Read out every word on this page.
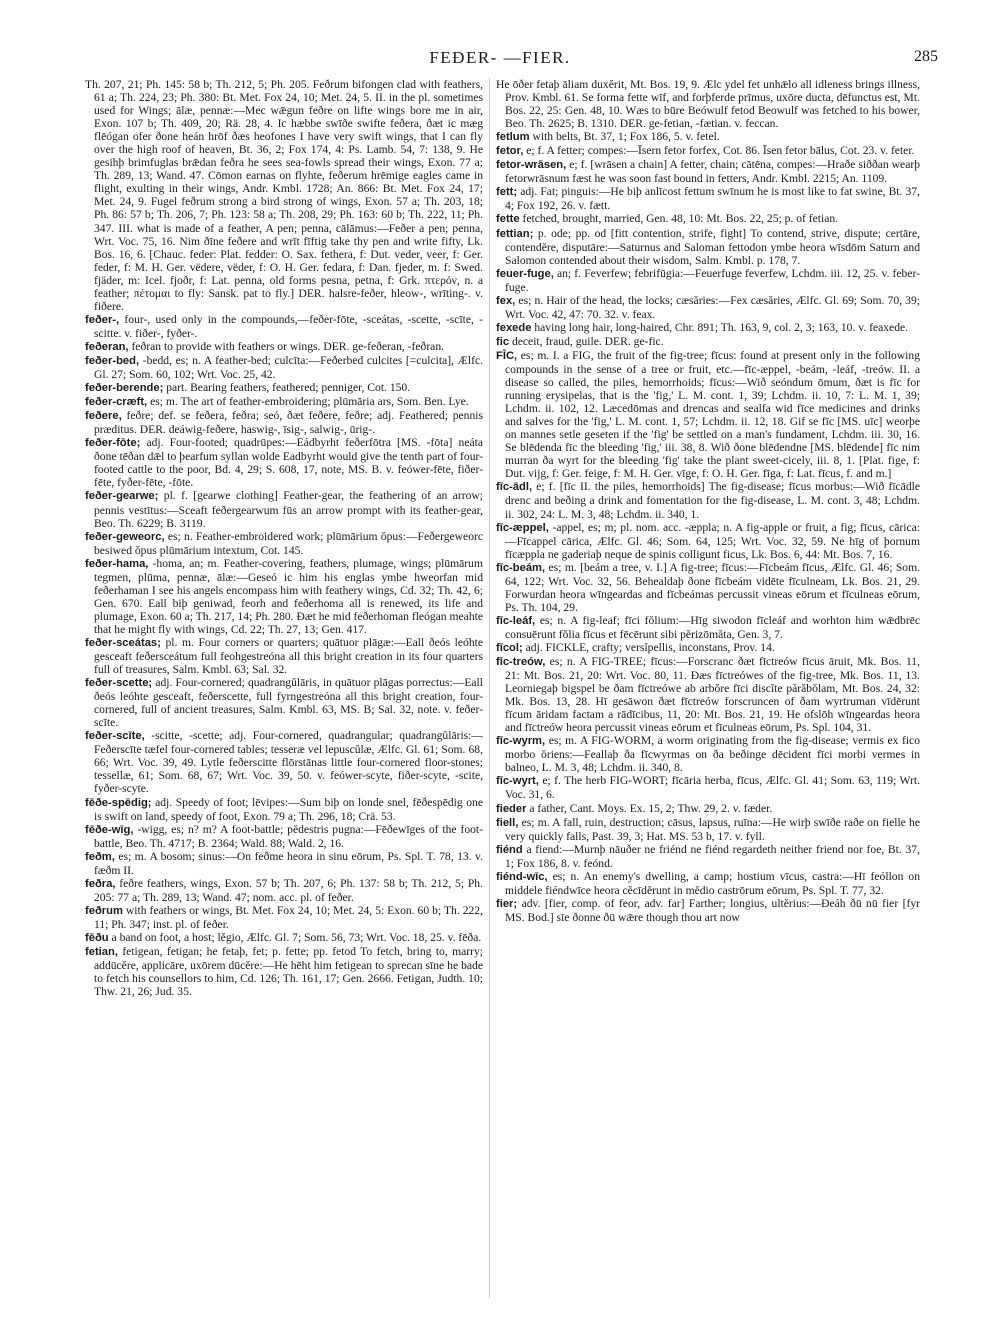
FEÐER- —FIER.	285

Th. 207, 21; Ph. 145: 58 b; Th. 212, 5; Ph. 205. Feðrum bifongen clad with feathers, 61 a; Th. 224, 23; Ph. 380: Bt. Met. Fox 24, 10; Met. 24, 5. II. in the pl. sometimes used for Wings; ālæ, pennæ:—Mec wǣgun feðre on lifte wings bore me in air, Exon. 107 b; Th. 409, 20; Rä. 28, 4. Ic hæbbe swīðe swifte feðera, ðæt ic mæg flēógan ofer ðone heán hrōf ðæs heofones I have very swift wings, that I can fly over the high roof of heaven, Bt. 36, 2; Fox 174, 4: Ps. Lamb. 54, 7: 138, 9. He gesihþ brimfuglas brǣdan feðra he sees sea-fowls spread their wings, Exon. 77 a; Th. 289, 13; Wand. 47. Cōmon earnas on flyhte, feðerum hrēmige eagles came in flight, exulting in their wings, Andr. Kmbl. 1728; An. 866: Bt. Met. Fox 24, 17; Met. 24, 9. Fugel feðrum strong a bird strong of wings, Exon. 57 a; Th. 203, 18; Ph. 86: 57 b; Th. 206, 7; Ph. 123: 58 a; Th. 208, 29; Ph. 163: 60 b; Th. 222, 11; Ph. 347. III. what is made of a feather, A pen; penna, cālāmus:—Feðer a pen; penna, Wrt. Voc. 75, 16. Nim ðīne feðere and wrīt fīftig take thy pen and write fifty, Lk. Bos. 16, 6. [Chauc. feder: Plat. fedder: O. Sax. fethera, f: Dut. veder, veer, f: Ger. feder, f: M. H. Ger. vëdere, vëder, f: O. H. Ger. fedara, f: Dan. fjeder, m. f: Swed. fjäder, m: Icel. fjoðr, f: Lat. penna, old forms pesna, petna, f: Grk. πτερόν, n. a feather; πέτομαι to fly: Sansk. pat to fly.] DER. halsre-feðer, hleow-, wrīting-. v. fiðere.

feðer-, four-, used only in the compounds,—feðer-fōte, -sceátas, -scette, -scīte, -scitte. v. fiðer-, fyðer-.

feðeran, feðran to provide with feathers or wings. DER. ge-feðeran, -feðran.

feðer-bed, -bedd, es; n. A feather-bed; culcīta:—Feðerbed culcites [=culcita], Ælfc. Gl. 27; Som. 60, 102; Wrt. Voc. 25, 42.

feðer-berende; part. Bearing feathers, feathered; penniger, Cot. 150.

feðer-cræft, es; m. The art of feather-embroidering; plūmāria ars, Som. Ben. Lye.

feðere, feðre; def. se feðera, feðra; seó, ðæt feðere, feðre; adj. Feathered; pennis præditus. DER. deáwig-feðere, haswig-, īsig-, salwig-, ūrig-.

feðer-fōte; adj. Four-footed; quadrūpes:—Eádbyrht feðerfōtra [MS. -fōta] neáta ðone tēðan dǣl to þearfum syllan wolde Eadbyrht would give the tenth part of four-footed cattle to the poor, Bd. 4, 29; S. 608, 17, note, MS. B. v. feówer-fēte, fiðer-fēte, fyðer-fēte, -fōte.

feðer-gearwe; pl. f. [gearwe clothing] Feather-gear, the feathering of an arrow; pennis vestītus:—Sceaft feðergearwum fūs an arrow prompt with its feather-gear, Beo. Th. 6229; B. 3119.

feðer-geweorc, es; n. Feather-embroidered work; plūmārium ŏpus:—Feðergeweorc besiwed ŏpus plūmārium intextum, Cot. 145.

feðer-hama, -homa, an; m. Feather-covering, feathers, plumage, wings; plūmārum tegmen, plūma, pennæ, ālæ:—Geseó ic him his englas ymbe hweorfan mid feðerhaman I see his angels encompass him with feathery wings, Cd. 32; Th. 42, 6; Gen. 670. Eall biþ geniwad, feorh and feðerhoma all is renewed, its life and plumage, Exon. 60 a; Th. 217, 14; Ph. 280. Ðæt he mid feðerhoman fleógan meahte that he might fly with wings, Cd. 22; Th. 27, 13; Gen. 417.

feðer-sceátas; pl. m. Four corners or quarters; quātuor plāgæ:—Eall ðeós leóhte gesceaft feðersceátum full feohgestreóna all this bright creation in its four quarters full of treasures, Salm. Kmbl. 63; Sal. 32.

feðer-scette; adj. Four-cornered; quadrangŭlāris, in quātuor plāgas porrectus:—Eall ðeós leóhte gesceaft, feðerscette, full fyrngestreóna all this bright creation, four-cornered, full of ancient treasures, Salm. Kmbl. 63, MS. B; Sal. 32, note. v. feðer-scīte.

feðer-scīte, -scitte, -scette; adj. Four-cornered, quadrangular; quadrangŭlāris:—Feðerscīte tæfel four-cornered tables; tesseræ vel lepuscŭlæ, Ælfc. Gl. 61; Som. 68, 66; Wrt. Voc. 39, 49. Lytle feðerscitte flōrstānas little four-cornered floor-stones; tessellæ, 61; Som. 68, 67; Wrt. Voc. 39, 50. v. feówer-scyte, fiðer-scyte, -scite, fyðer-scyte.

fēðe-spēdig; adj. Speedy of foot; lēvipes:—Sum biþ on londe snel, fēðespēdig one is swift on land, speedy of foot, Exon. 79 a; Th. 296, 18; Crä. 53.

fēðe-wīg, -wigg, es; n? m? A foot-battle; pĕdestris pugna:—Fēðewīges of the foot-battle, Beo. Th. 4717; B. 2364; Wald. 88; Wald. 2, 16.

feðm, es; m. A bosom; sinus:—On feðme heora in sinu eōrum, Ps. Spl. T. 78, 13. v. fæðm II.

feðra, feðre feathers, wings, Exon. 57 b; Th. 207, 6; Ph. 137: 58 b; Th. 212, 5; Ph. 205: 77 a; Th. 289, 13; Wand. 47; nom. acc. pl. of feðer.

feðrum with feathers or wings, Bt. Met. Fox 24, 10; Met. 24, 5: Exon. 60 b; Th. 222, 11; Ph. 347; inst. pl. of feðer.

fēðu a band on foot, a host; lĕgio, Ælfc. Gl. 7; Som. 56, 73; Wrt. Voc. 18, 25. v. fēða.

fetian, fetigean, fetigan; he fetaþ, fet; p. fette; pp. fetod To fetch, bring to, marry; addūcĕre, applicāre, uxōrem dūcĕre:—He hēht him fetigean to sprecan sīne he bade to fetch his counsellors to him, Cd. 126; Th. 161, 17; Gen. 2666. Fetigan, Judth. 10; Thw. 21, 26; Jud. 35.

He ōðer fetaþ āliam duxĕrit, Mt. Bos. 19, 9. Ælc ydel fet unhǣlo all idleness brings illness, Prov. Kmbl. 61. Se forma fette wīf, and forþferde prīmus, uxōre ducta, dēfunctus est, Mt. Bos. 22, 25: Gen. 48, 10. Wæs to būre Beówulf fetod Beowulf was fetched to his bower, Beo. Th. 2625; B. 1310. DER. ge-fetian, -fætian. v. feccan.

fetlum with belts, Bt. 37, 1; Fox 186, 5. v. fetel.

fetor, e; f. A fetter; compes:—Īsern fetor forfex, Cot. 86. Īsen fetor bālus, Cot. 23. v. feter.

fetor-wrāsen, e; f. [wrāsen a chain] A fetter, chain; cātēna, compes:—Hraðe siððan wearþ fetorwrāsnum fæst he was soon fast bound in fetters, Andr. Kmbl. 2215; An. 1109.

fett; adj. Fat; pinguis:—He biþ anlīcost fettum swīnum he is most like to fat swine, Bt. 37, 4; Fox 192, 26. v. fætt.

fette fetched, brought, married, Gen. 48, 10: Mt. Bos. 22, 25; p. of fetian.

fettian; p. ode; pp. od [fitt contention, strife, fight] To contend, strive, dispute; certāre, contendĕre, disputāre:—Saturnus and Saloman fettodon ymbe heora wīsdōm Saturn and Salomon contended about their wisdom, Salm. Kmbl. p. 178, 7.

feuer-fuge, an; f. Feverfew; febrifūgia:—Feuerfuge feverfew, Lchdm. iii. 12, 25. v. feber-fuge.

fex, es; n. Hair of the head, the locks; cæsăries:—Fex cæsăries, Ælfc. Gl. 69; Som. 70, 39; Wrt. Voc. 42, 47: 70. 32. v. feax.

fexede having long hair, long-haired, Chr. 891; Th. 163, 9, col. 2, 3; 163, 10. v. feaxede.

fic deceit, fraud, guile. DER. ge-fic.

FĪC, es; m. I. a FIG, the fruit of the fig-tree; fīcus: found at present only in the following compounds in the sense of a tree or fruit, etc.—fīc-æppel, -beám, -leáf, -treów. II. a disease so called, the piles, hemorrhoids; fīcus:—Wið seóndum ōmum, ðæt is fīc for running erysipelas, that is the 'fig,' L. M. cont. 1, 39; Lchdm. ii. 10, 7: L. M. 1, 39; Lchdm. ii. 102, 12. Læcedōmas and drencas and sealfa wid fīce medicines and drinks and salves for the 'fig,' L. M. cont. 1, 57; Lchdm. ii. 12, 18. Gif se fīc [MS. uīc] weorþe on mannes setle geseten if the 'fig' be settled on a man's fundament, Lchdm. iii. 30, 16. Se blēdenda fīc the bleeding 'fig,' iii. 38, 8. Wið ðone blēdendne [MS. blēdende] fīc nim murran ða wyrt for the bleeding 'fig' take the plant sweet-cicely, iii. 8, 1. [Plat. fige, f: Dut. vijg, f: Ger. feige, f: M. H. Ger. vīge, f: O. H. Ger. fīga, f: Lat. fīcus, f. and m.]

fīc-ādl, e; f. [fīc II. the piles, hemorrhoids] The fig-disease; fīcus morbus:—Wið fīcādle drenc and beðing a drink and fomentation for the fig-disease, L. M. cont. 3, 48; Lchdm. ii. 302, 24: L. M. 3, 48; Lchdm. ii. 340, 1.

fīc-æppel, -appel, es; m; pl. nom. acc. -æppla; n. A fig-apple or fruit, a fig; fīcus, cārica:—Fīcappel cārica, Ælfc. Gl. 46; Som. 64, 125; Wrt. Voc. 32, 59. Ne hīg of þornum fīcæppla ne gaderiaþ neque de spinis colligunt ficus, Lk. Bos. 6, 44: Mt. Bos. 7, 16.

fīc-beám, es; m. [beám a tree, v. I.] A fig-tree; fīcus:—Fīcbeám fīcus, Ælfc. Gl. 46; Som. 64, 122; Wrt. Voc. 32, 56. Behealdaþ ðone fīcbeám vidēte fīculneam, Lk. Bos. 21, 29. Forwurdan heora wīngeardas and fīcbeámas percussit vineas eōrum et fīculneas eōrum, Ps. Th. 104, 29.

fīc-leáf, es; n. A fig-leaf; fīci fŏlium:—Hīg siwodon fīcleáf and worhton him wǣdbrēc consuērunt fŏlia fīcus et fēcērunt sibi pĕrizōmăta, Gen. 3, 7.

fīcol; adj. FICKLE, crafty; versĭpellis, inconstans, Prov. 14.

fīc-treów, es; n. A FIG-TREE; fīcus:—Forscranc ðæt fīctreów fīcus āruit, Mk. Bos. 11, 21: Mt. Bos. 21, 20: Wrt. Voc. 80, 11. Ðæs fīctreówes of the fig-tree, Mk. Bos. 11, 13. Leorniegaþ bigspel be ðam fīctreówe ab arbŏre fīci discĭte părăbŏlam, Mt. Bos. 24, 32: Mk. Bos. 13, 28. Hī gesāwon ðæt fīctreów forscruncen of ðam wyrtruman vīdērunt fīcum āridam factam a rādīcibus, 11, 20: Mt. Bos. 21, 19. He ofslōh wīngeardas heora and fīctreów heora percussit vineas eōrum et fīculneas eōrum, Ps. Spl. 104, 31.

fīc-wyrm, es; m. A FIG-WORM, a worm originating from the fig-disease; vermis ex fico morbo ŏriens:—Feallaþ ða fīcwyrmas on ða beðinge dēcident fīci morbi vermes in balneo, L. M. 3, 48; Lchdm. ii. 340, 8.

fīc-wyrt, e; f. The herb FIG-WORT; fīcāria herba, fīcus, Ælfc. Gl. 41; Som. 63, 119; Wrt. Voc. 31, 6.

fieder a father, Cant. Moys. Ex. 15, 2; Thw. 29, 2. v. fæder.

fiell, es; m. A fall, ruin, destruction; cāsus, lapsus, ruīna:—He wirþ swīðe raðe on fielle he very quickly falls, Past. 39, 3; Hat. MS. 53 b, 17. v. fyll.

fiénd a fiend:—Murnþ nāuðer ne friénd ne fiénd regardeth neither friend nor foe, Bt. 37, 1; Fox 186, 8. v. feónd.

fiénd-wīc, es; n. An enemy's dwelling, a camp; hostium vīcus, castra:—Hī feóllon on middele fiéndwīce heora cĕcīdĕrunt in mĕdio castrōrum eōrum, Ps. Spl. T. 77, 32.

fier; adv. [fier, comp. of feor, adv. far] Farther; longius, ultĕrius:—Ðeáh ðū nū fier [fyr MS. Bod.] sīe ðonne ðū wǣre though thou art now
